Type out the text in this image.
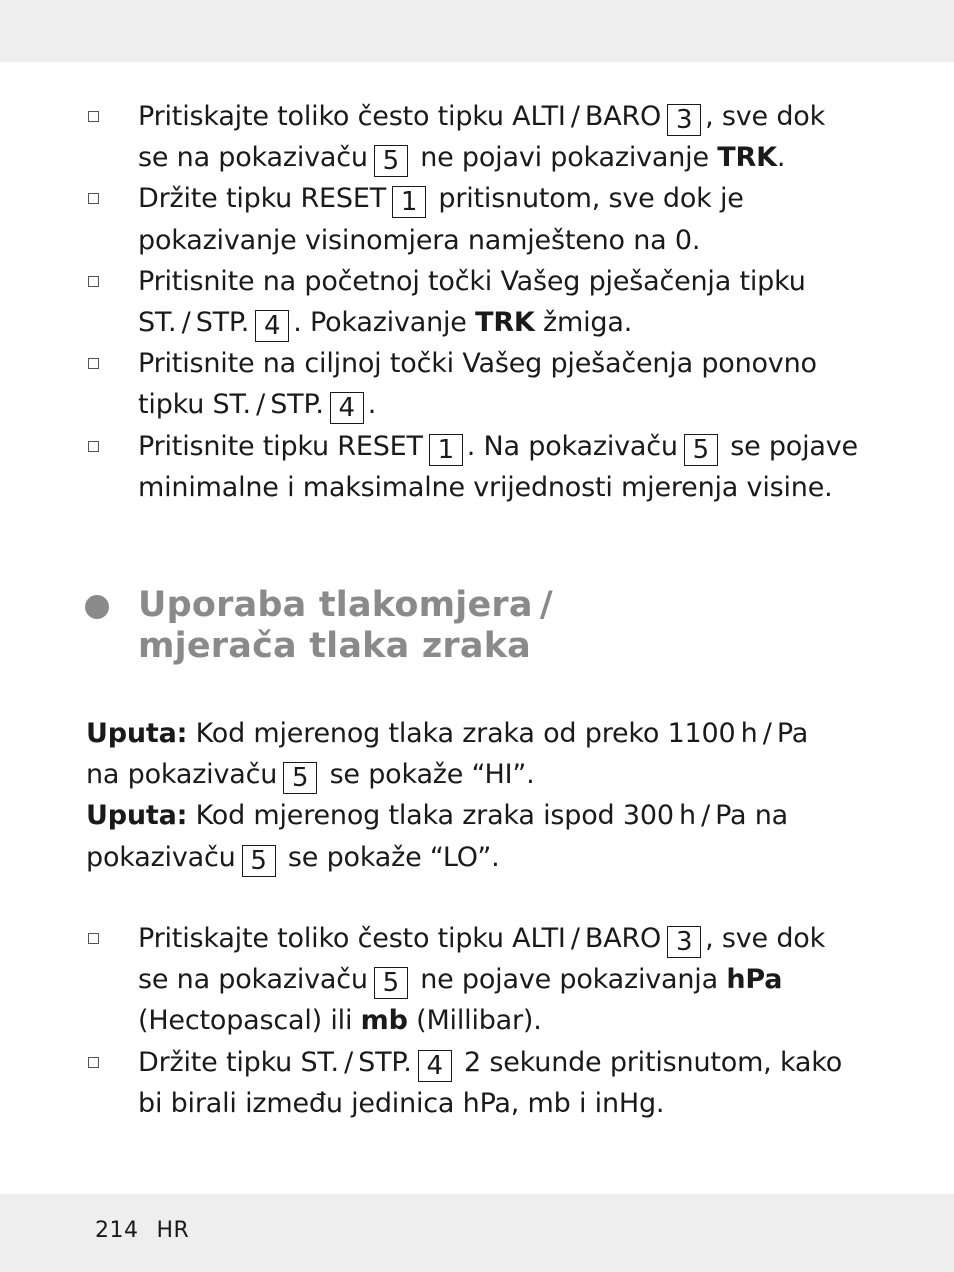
Pritiskajte toliko često tipku ALTI / BARO 3 , sve dok se na pokazivaču 5 ne pojavi pokazivanje TRK.
Držite tipku RESET 1 pritisnutom, sve dok je pokazivanje visinomjera namješteno na 0.
Pritisnite na početnoj točki Vašeg pješačenja tipku ST. / STP. 4 . Pokazivanje TRK žmiga.
Pritisnite na ciljnoj točki Vašeg pješačenja ponovno tipku ST. / STP. 4 .
Pritisnite tipku RESET 1 . Na pokazivaču 5 se pojave minimalne i maksimalne vrijednosti mjerenja visine.
Uporaba tlakomjera /
mjerača tlaka zraka
Uputa: Kod mjerenog tlaka zraka od preko 1100 h / Pa na pokazivaču 5 se pokaže “HI”.
Uputa: Kod mjerenog tlaka zraka ispod 300 h / Pa na pokazivaču 5 se pokaže “LO”.
Pritiskajte toliko često tipku ALTI / BARO 3 , sve dok se na pokazivaču 5 ne pojave pokazivanja hPa (Hectopascal) ili mb (Millibar).
Držite tipku ST. / STP. 4 2 sekunde pritisnutom, kako bi birali između jedinica hPa, mb i inHg.
214 HR
